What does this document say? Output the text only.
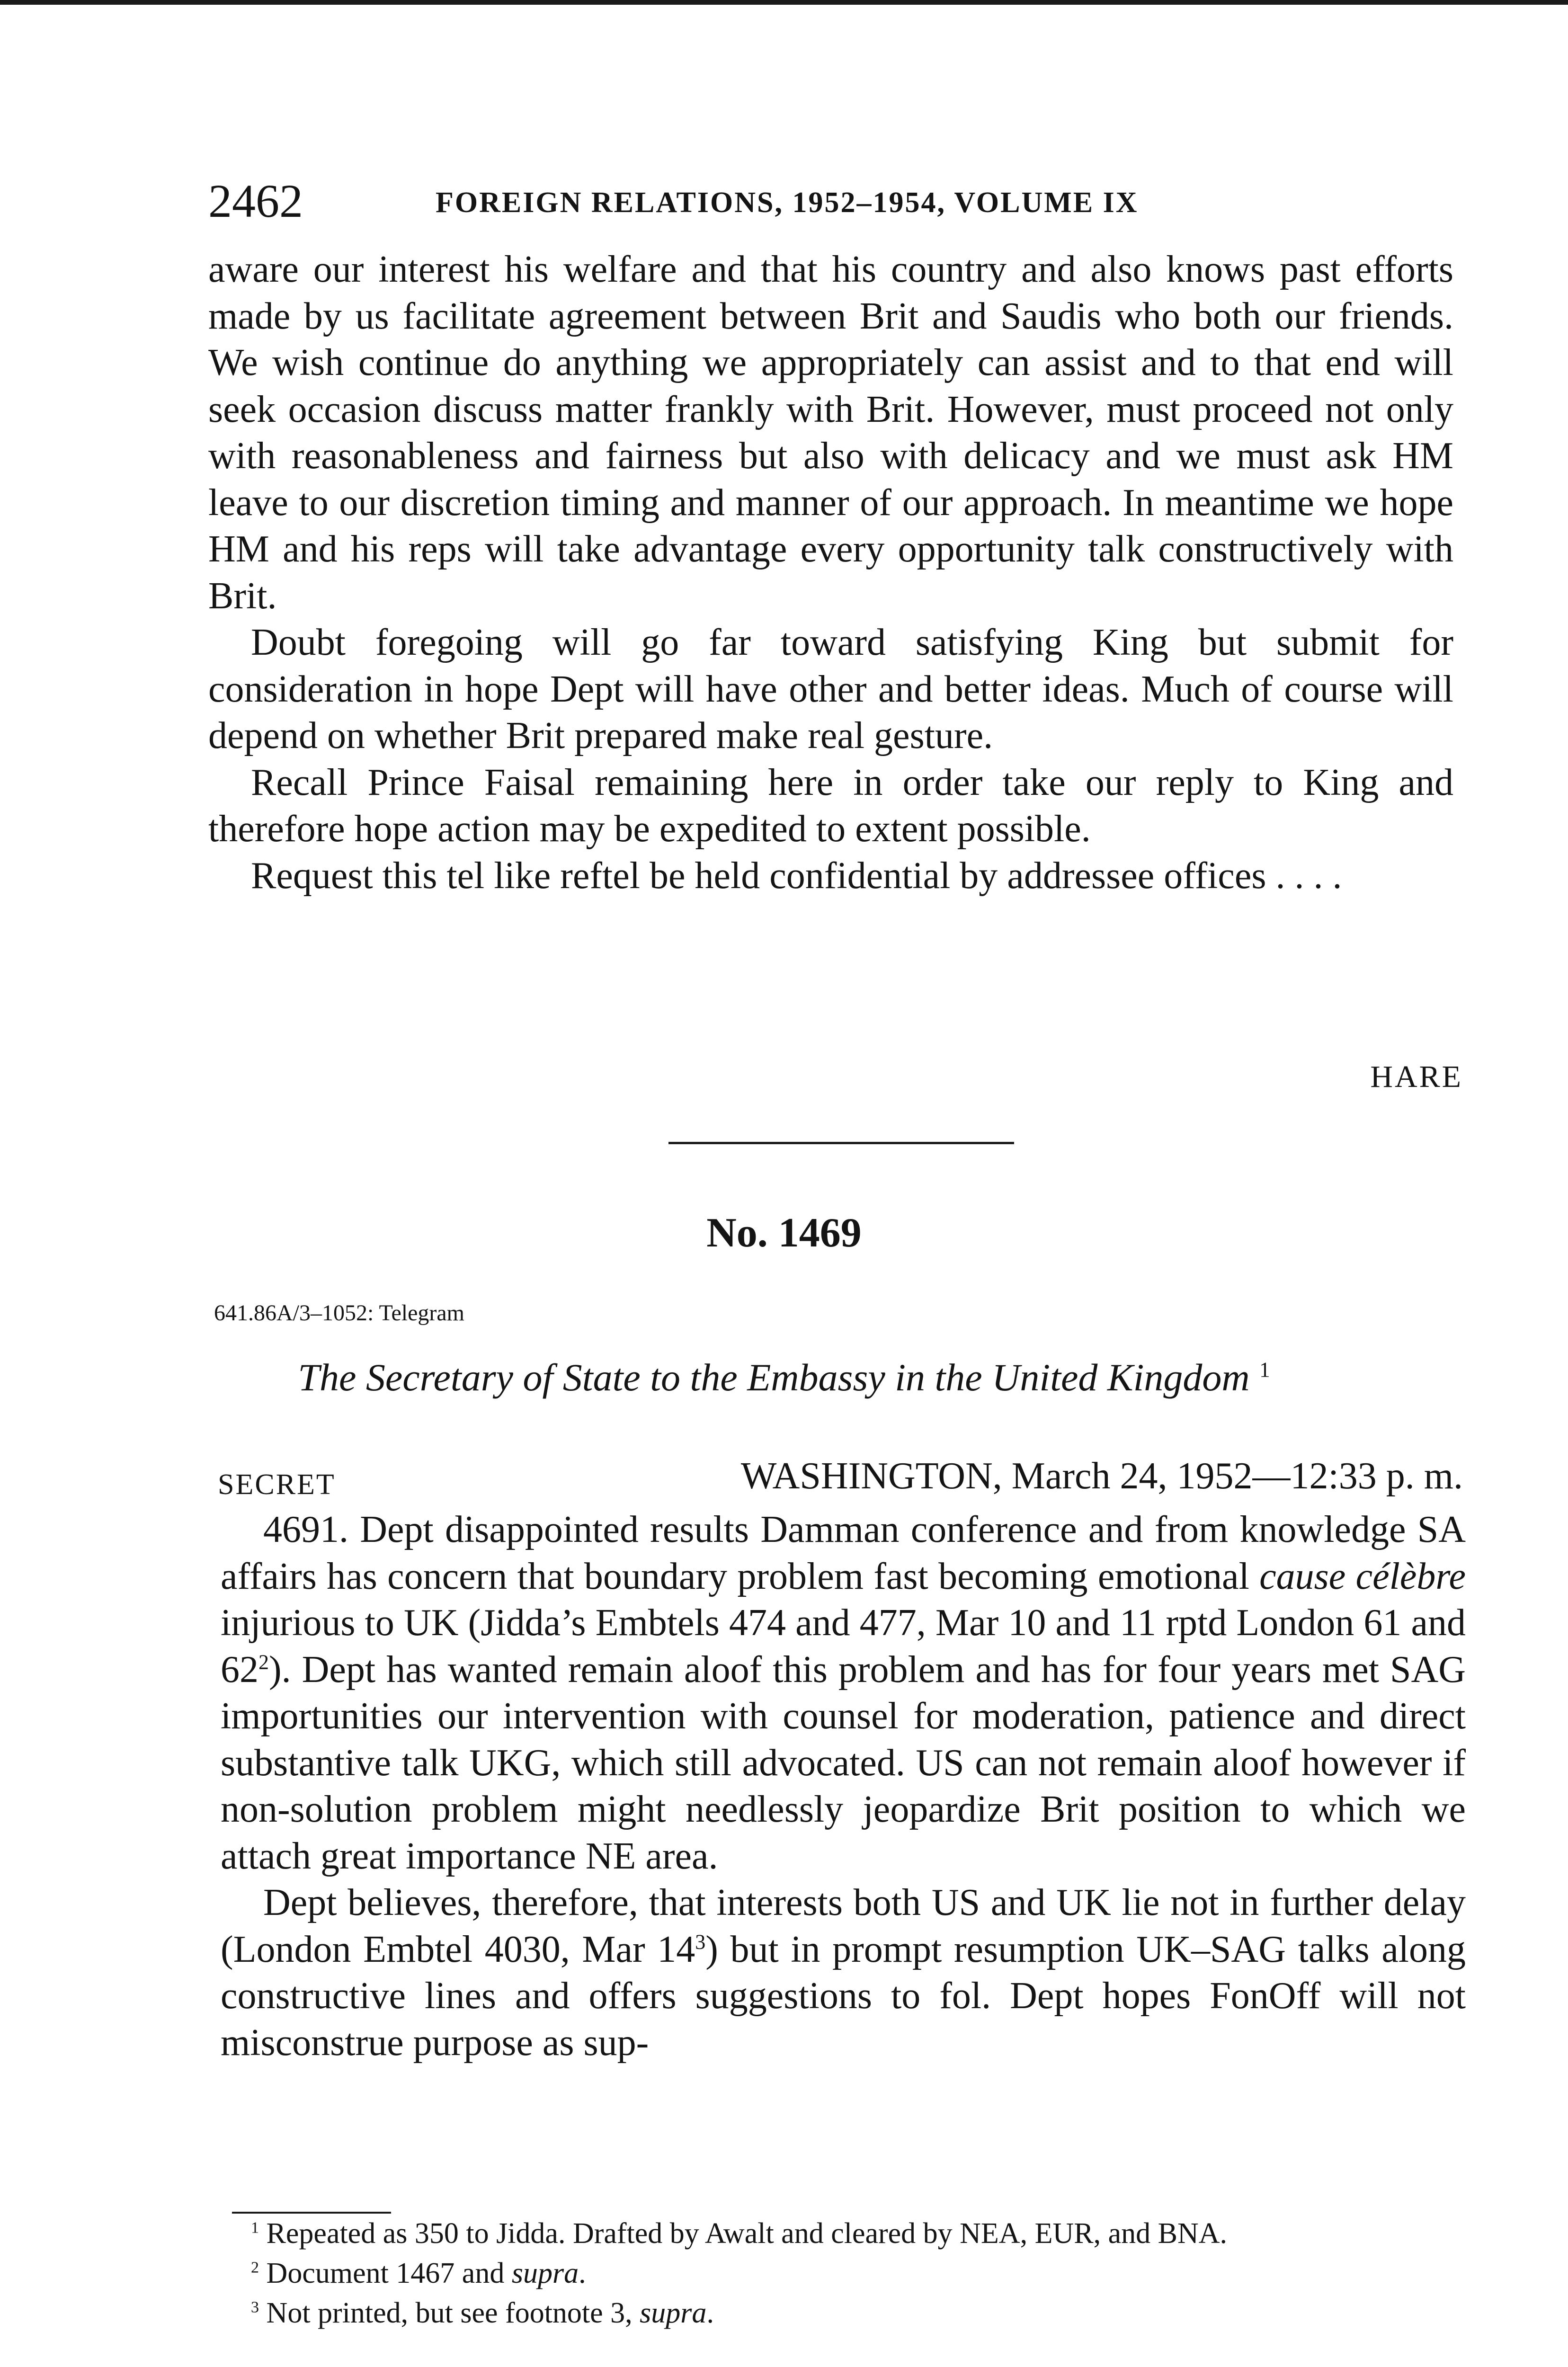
2462	FOREIGN RELATIONS, 1952–1954, VOLUME IX

aware our interest his welfare and that his country and also knows past efforts made by us facilitate agreement between Brit and Saudis who both our friends. We wish continue do anything we appropriately can assist and to that end will seek occasion discuss matter frankly with Brit. However, must proceed not only with reasonableness and fairness but also with delicacy and we must ask HM leave to our discretion timing and manner of our approach. In meantime we hope HM and his reps will take advantage every opportunity talk constructively with Brit.

Doubt foregoing will go far toward satisfying King but submit for consideration in hope Dept will have other and better ideas. Much of course will depend on whether Brit prepared make real gesture.

Recall Prince Faisal remaining here in order take our reply to King and therefore hope action may be expedited to extent possible.

Request this tel like reftel be held confidential by addressee offices . . . .

HARE
No. 1469
641.86A/3–1052: Telegram
The Secretary of State to the Embassy in the United Kingdom $^1$
SECRET	WASHINGTON, March 24, 1952—12:33 p. m.

4691. Dept disappointed results Damman conference and from knowledge SA affairs has concern that boundary problem fast becoming emotional cause célèbre injurious to UK (Jidda’s Embtels 474 and 477, Mar 10 and 11 rptd London 61 and $62^2$). Dept has wanted remain aloof this problem and has for four years met SAG importunities our intervention with counsel for moderation, patience and direct substantive talk UKG, which still advocated. US can not remain aloof however if non-solution problem might needlessly jeopardize Brit position to which we attach great importance NE area.

Dept believes, therefore, that interests both US and UK lie not in further delay (London Embtel 4030, Mar $14^3$) but in prompt resumption UK–SAG talks along constructive lines and offers suggestions to fol. Dept hopes FonOff will not misconstrue purpose as sup-

$^1$ Repeated as 350 to Jidda. Drafted by Awalt and cleared by NEA, EUR, and BNA.

$^2$ Document 1467 and supra.

$^3$ Not printed, but see footnote 3, supra.
